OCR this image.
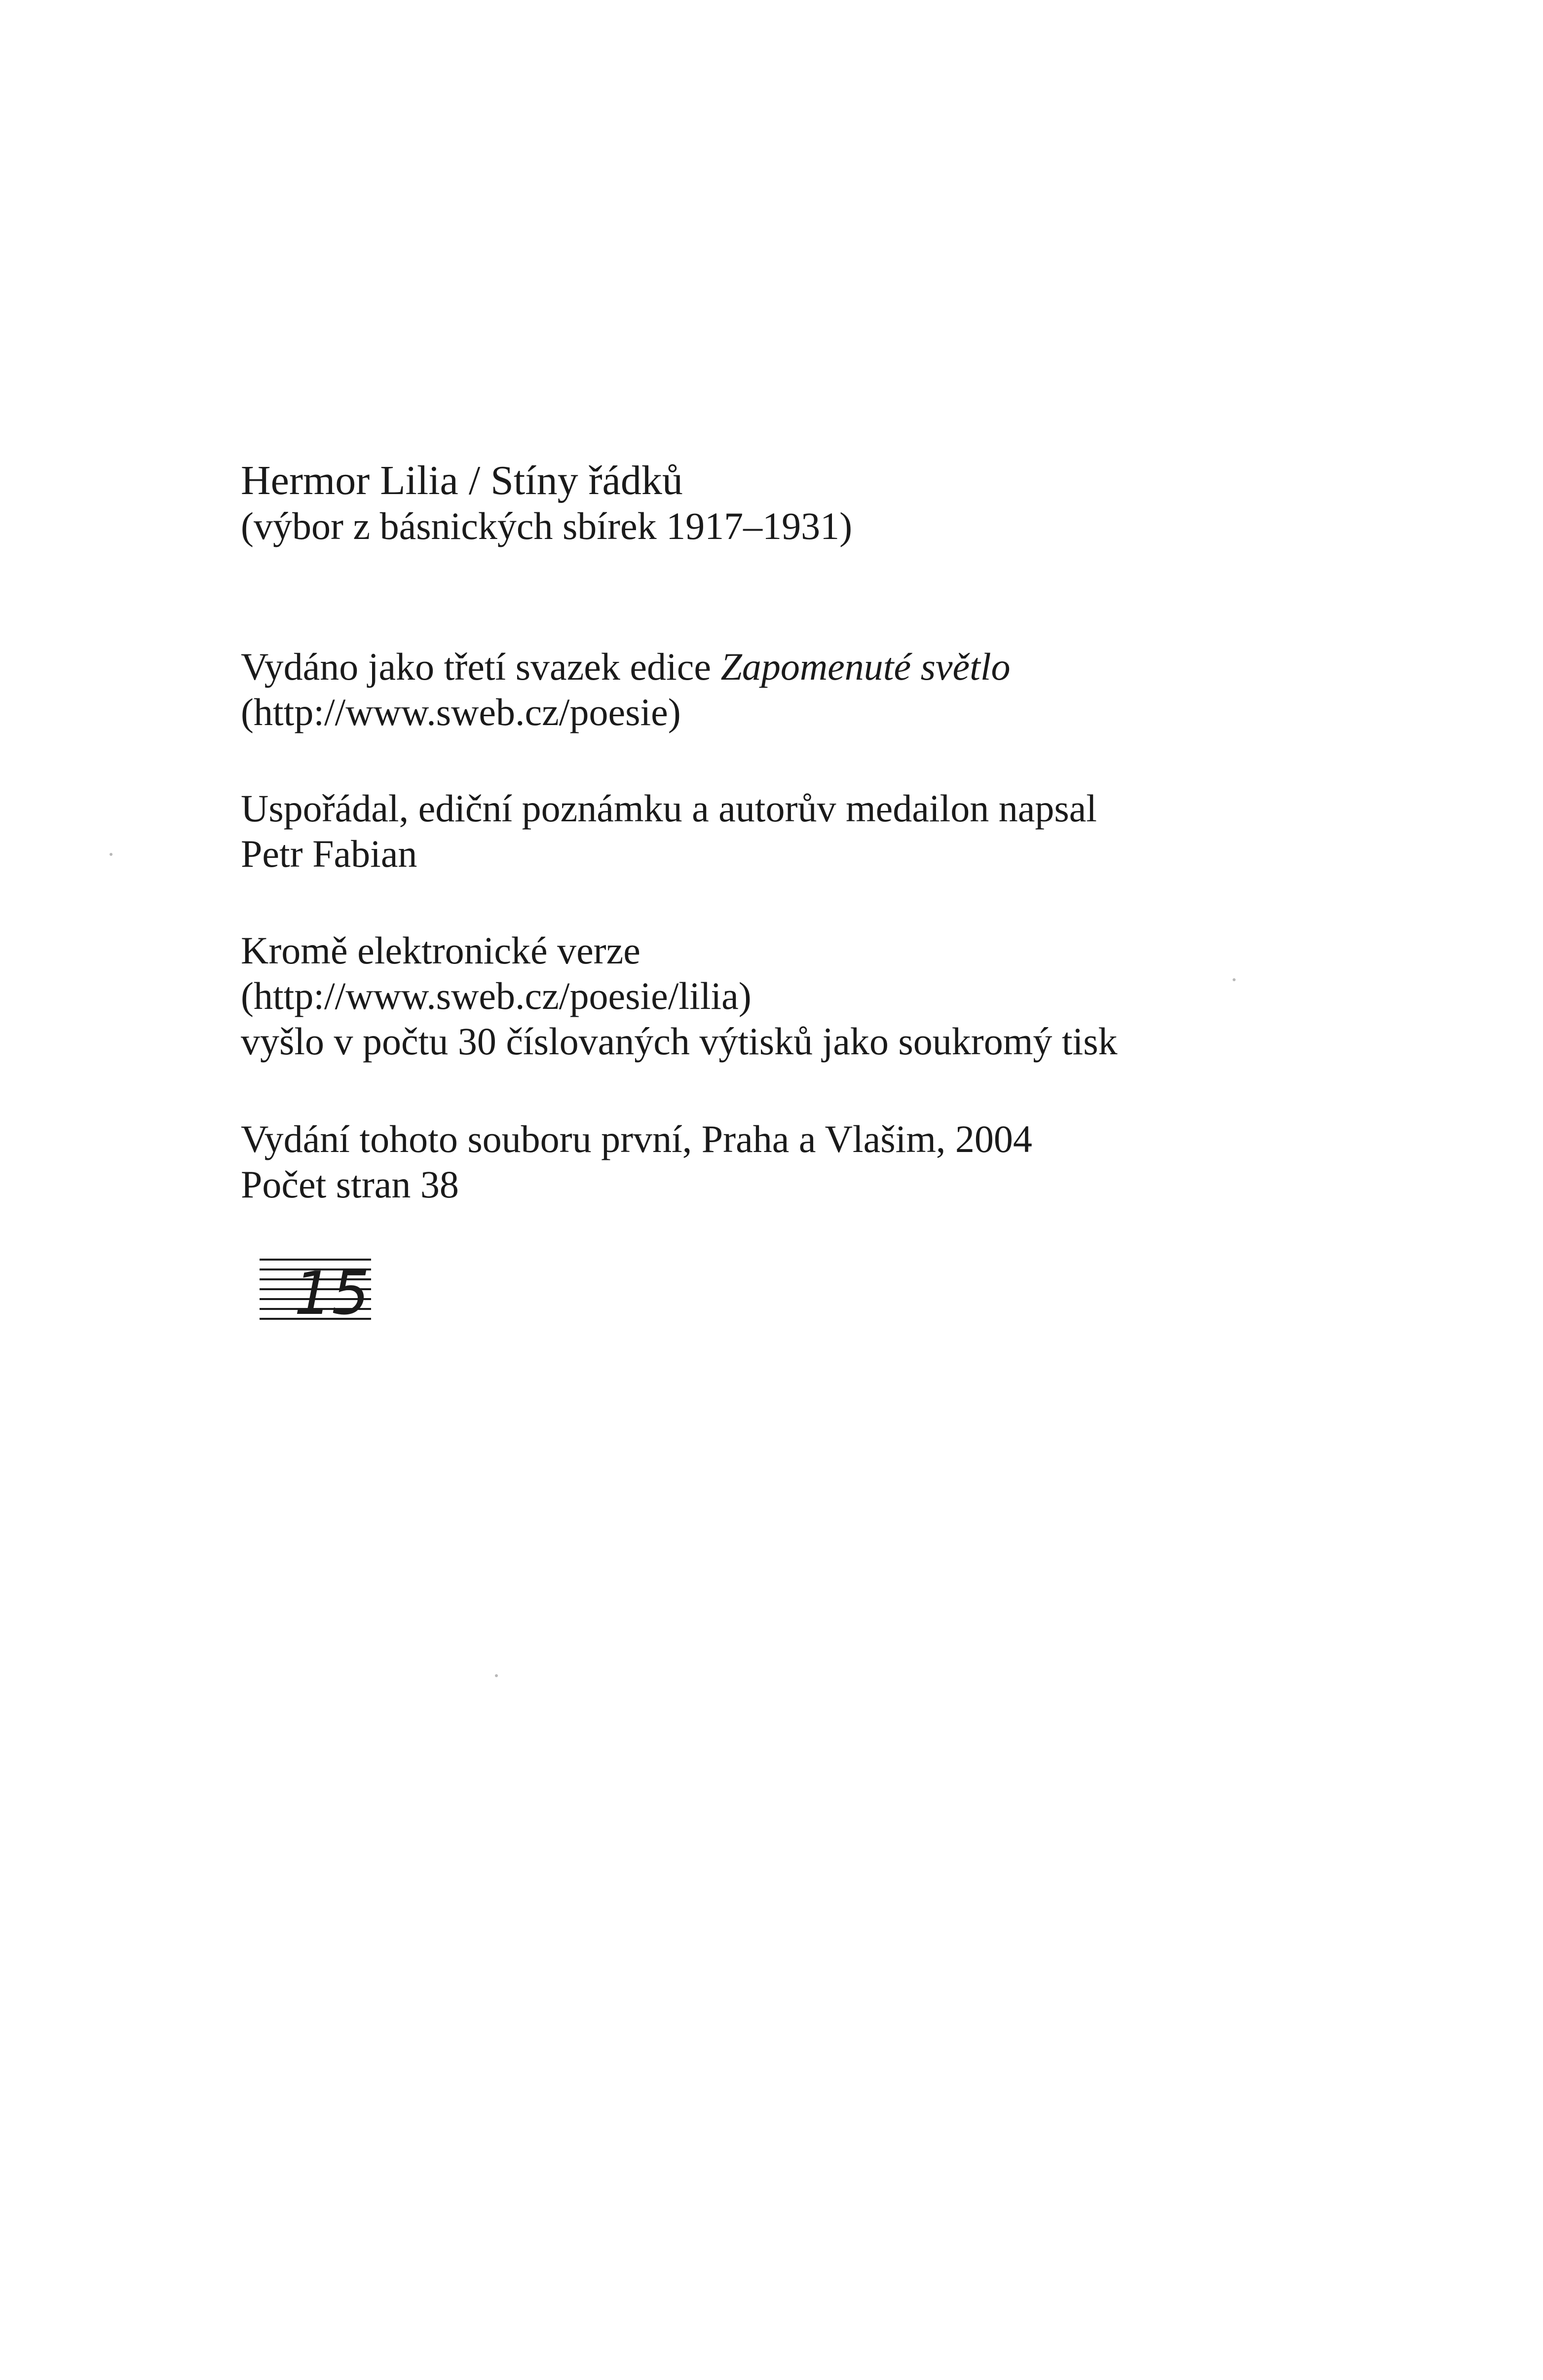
Hermor Lilia / Stíny řádků
(výbor z básnických sbírek 1917–1931)
Vydáno jako třetí svazek edice Zapomenuté světlo
(http://www.sweb.cz/poesie)
Uspořádal, ediční poznámku a autorův medailon napsal
Petr Fabian
Kromě elektronické verze
(http://www.sweb.cz/poesie/lilia)
vyšlo v počtu 30 číslovaných výtisků jako soukromý tisk
Vydání tohoto souboru první, Praha a Vlašim, 2004
Počet stran 38
15
